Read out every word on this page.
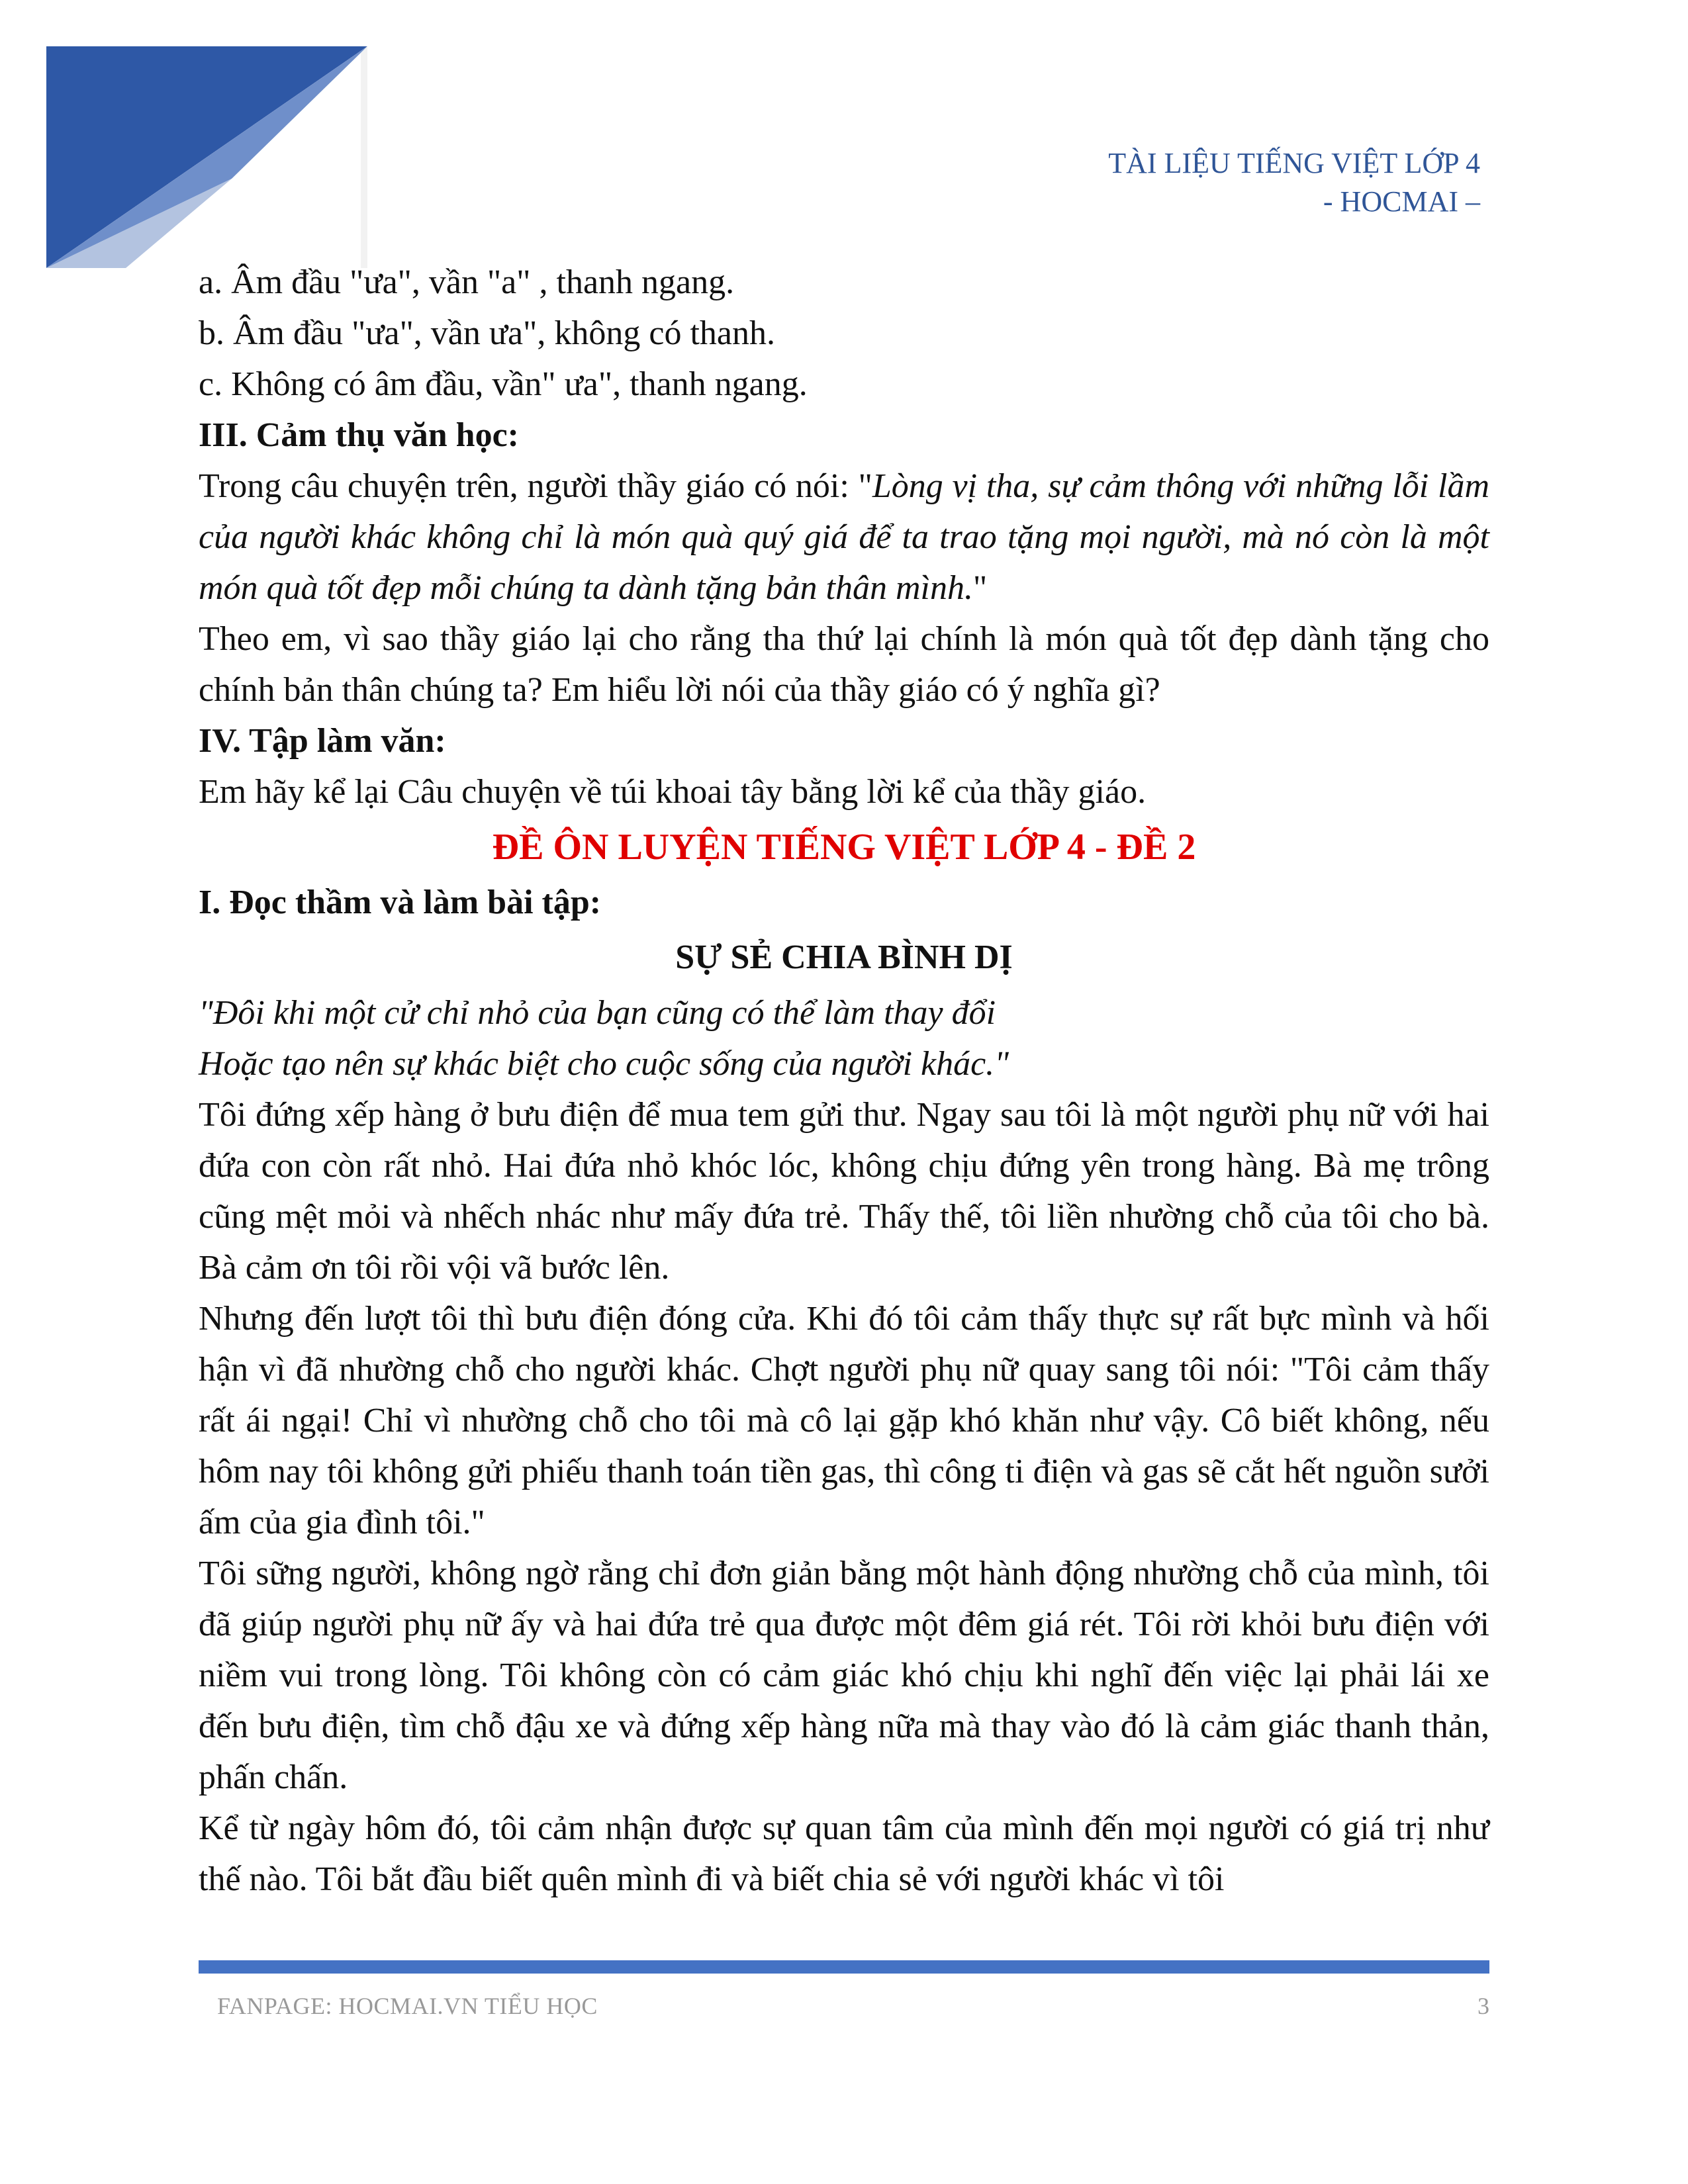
TÀI LIỆU TIẾNG VIỆT LỚP 4
- HOCMAI –

a. Âm đầu "ưa", vần "a" , thanh ngang.

b. Âm đầu "ưa", vần ưa", không có thanh.

c. Không có âm đầu, vần" ưa", thanh ngang.

III. Cảm thụ văn học:

Trong câu chuyện trên, người thầy giáo có nói: "Lòng vị tha, sự cảm thông với những lỗi lầm của người khác không chỉ là món quà quý giá để ta trao tặng mọi người, mà nó còn là một món quà tốt đẹp mỗi chúng ta dành tặng bản thân mình."

Theo em, vì sao thầy giáo lại cho rằng tha thứ lại chính là món quà tốt đẹp dành tặng cho chính bản thân chúng ta? Em hiểu lời nói của thầy giáo có ý nghĩa gì?

IV. Tập làm văn:

Em hãy kể lại Câu chuyện về túi khoai tây bằng lời kể của thầy giáo.

ĐỀ ÔN LUYỆN TIẾNG VIỆT LỚP 4 - ĐỀ 2

I. Đọc thầm và làm bài tập:

SỰ SẺ CHIA BÌNH DỊ

"Đôi khi một cử chỉ nhỏ của bạn cũng có thể làm thay đổi

Hoặc tạo nên sự khác biệt cho cuộc sống của người khác."

Tôi đứng xếp hàng ở bưu điện để mua tem gửi thư. Ngay sau tôi là một người phụ nữ với hai đứa con còn rất nhỏ. Hai đứa nhỏ khóc lóc, không chịu đứng yên trong hàng. Bà mẹ trông cũng mệt mỏi và nhếch nhác như mấy đứa trẻ. Thấy thế, tôi liền nhường chỗ của tôi cho bà. Bà cảm ơn tôi rồi vội vã bước lên.

Nhưng đến lượt tôi thì bưu điện đóng cửa. Khi đó tôi cảm thấy thực sự rất bực mình và hối hận vì đã nhường chỗ cho người khác. Chợt người phụ nữ quay sang tôi nói: "Tôi cảm thấy rất ái ngại! Chỉ vì nhường chỗ cho tôi mà cô lại gặp khó khăn như vậy. Cô biết không, nếu hôm nay tôi không gửi phiếu thanh toán tiền gas, thì công ti điện và gas sẽ cắt hết nguồn sưởi ấm của gia đình tôi."

Tôi sững người, không ngờ rằng chỉ đơn giản bằng một hành động nhường chỗ của mình, tôi đã giúp người phụ nữ ấy và hai đứa trẻ qua được một đêm giá rét. Tôi rời khỏi bưu điện với niềm vui trong lòng. Tôi không còn có cảm giác khó chịu khi nghĩ đến việc lại phải lái xe đến bưu điện, tìm chỗ đậu xe và đứng xếp hàng nữa mà thay vào đó là cảm giác thanh thản, phấn chấn.

Kể từ ngày hôm đó, tôi cảm nhận được sự quan tâm của mình đến mọi người có giá trị như thế nào. Tôi bắt đầu biết quên mình đi và biết chia sẻ với người khác vì tôi

FANPAGE: HOCMAI.VN TIỂU HỌC	3
